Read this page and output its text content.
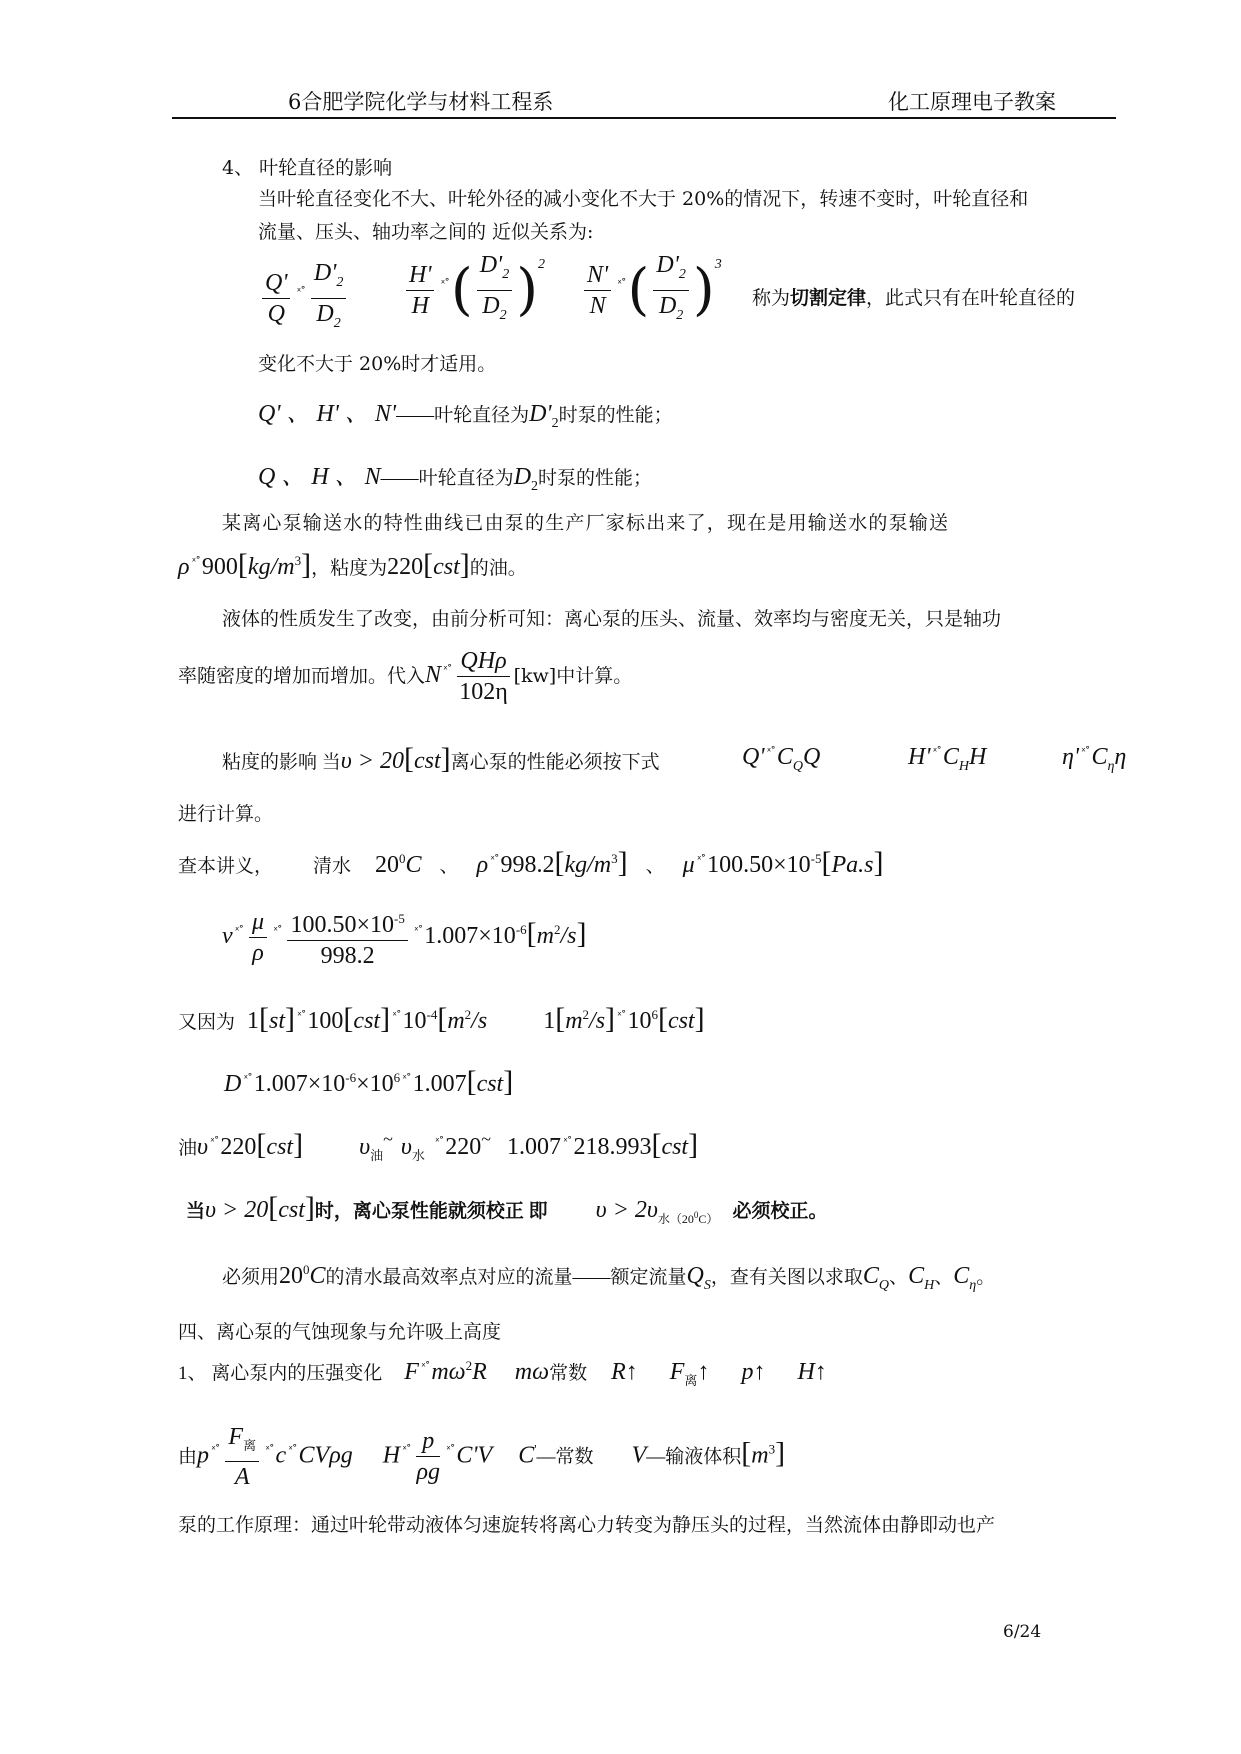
6合肥学院化学与材料工程系	化工原理电子教案
4、 叶轮直径的影响
当叶轮直径变化不大、叶轮外径的减小变化不大于 20%的情况下，转速不变时，叶轮直径和
流量、压头、轴功率之间的 近似关系为:
$\frac{Q'}{Q} ^{ˣ˚} \frac{D'_2}{D_2} \frac{H'}{H} ^{ˣ˚}( \frac{D'_2}{D_2} )^2 \frac{N'}{N} ^{ˣ˚}( \frac{D'_2}{D_2} )^3$
称为切割定律，此式只有在叶轮直径的
变化不大于 20%时才适用。
Q' 、 H' 、 N'——叶轮直径为$D'_2$时泵的性能；
Q 、 H 、 N——叶轮直径为$D_2$时泵的性能；
某离心泵输送水的特性曲线已由泵的生产厂家标出来了，现在是用输送水的泵输送
ρ $^{ˣ˚}900[kg/m^3]$，粘度为220[cst]的油。
液体的性质发生了改变，由前分析可知：离心泵的压头、流量、效率均与密度无关，只是轴功
率随密度的增加而增加。代入N $^{ˣ˚} \frac{\text{QHρ}}{102\eta} [kw]$中计算。
粘度的影响 当υ > 20[cst]离心泵的性能必须按下式	Q' $^{ˣ˚}C_QQ$	H' $^{ˣ˚}C_HH$	η' $^{ˣ˚}C_\eta\eta$
进行计算。
查本讲义， 清水 $20^0C$ 、 ρ $^{ˣ˚}998.2[kg/m^3]$ 、 μ $^{ˣ˚}100.50\times 10^{-5}[Pa.s]$
ν $^{ˣ˚} \frac{\mu}{\rho} ^{ˣ˚} \frac{100.50\times 10^{-5}}{998.2} ^{ˣ˚}1.007\times 10^{-6}[m^2/s]$
又因为 1[st] $^{ˣ˚}$100[cst] $^{ˣ˚}10^{-4}[m^2/s$ $1[m^2/s]$ $^{ˣ˚}10^6[cst]$
D $^{ˣ˚}1.007\times 10^{-6}\times 10^6$ $^{ˣ˚}$1.007[cst]
油υ $^{ˣ˚}$220[cst] $\upsilon_油^\sim$ $\upsilon_水^{ˣ˚}220^\sim$ 1.007 $^{ˣ˚}$218.993[cst]
当υ > 20[cst]时，离心泵性能就须校正 即 $\upsilon > 2\upsilon_{水(20^0C)}$ 必须校正。
必须用$20^0C$的清水最高效率点对应的流量——额定流量$Q_S$，查有关图以求取$C_Q$、$C_H$、$C_\eta$。
四、离心泵的气蚀现象与允许吸上高度
1、 离心泵内的压强变化 F $^{ˣ˚}m\omega^2R$ mω常数 R↑ $F_离↑$ p↑ H↑
由p $^{ˣ˚} \frac{F_离}{A} ^{ˣ˚}c$ $^{ˣ˚}$CVρg H $^{ˣ˚} \frac{p}{\rho g} ^{ˣ˚}C'V$ C'—常数 V—输液体积$[m^3]$
泵的工作原理：通过叶轮带动液体匀速旋转将离心力转变为静压头的过程，当然流体由静即动也产
6/24
